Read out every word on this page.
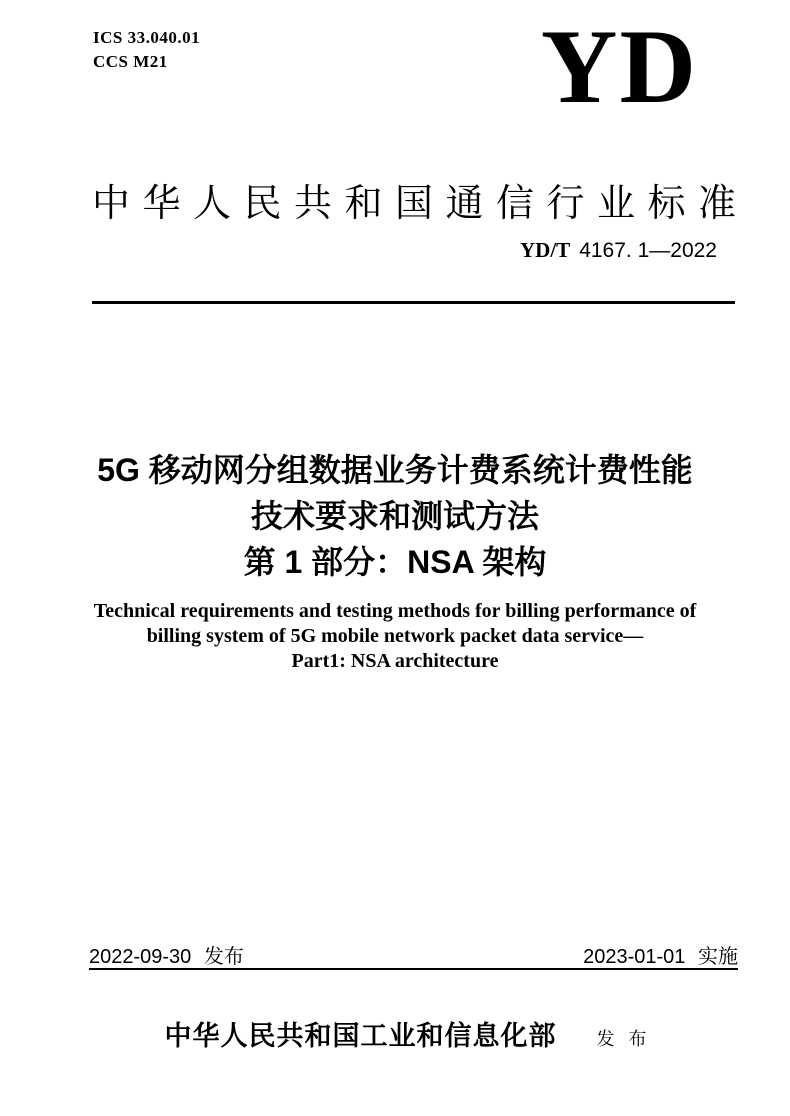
ICS 33.040.01
CCS M21	YD
中华人民共和国通信行业标准
YD/T 4167. 1—2022
5G 移动网分组数据业务计费系统计费性能
技术要求和测试方法
第 1 部分：NSA 架构
Technical requirements and testing methods for billing performance of
billing system of 5G mobile network packet data service—
Part1: NSA architecture
2022-09-30 发布	2023-01-01 实施
中华人民共和国工业和信息化部 发布
